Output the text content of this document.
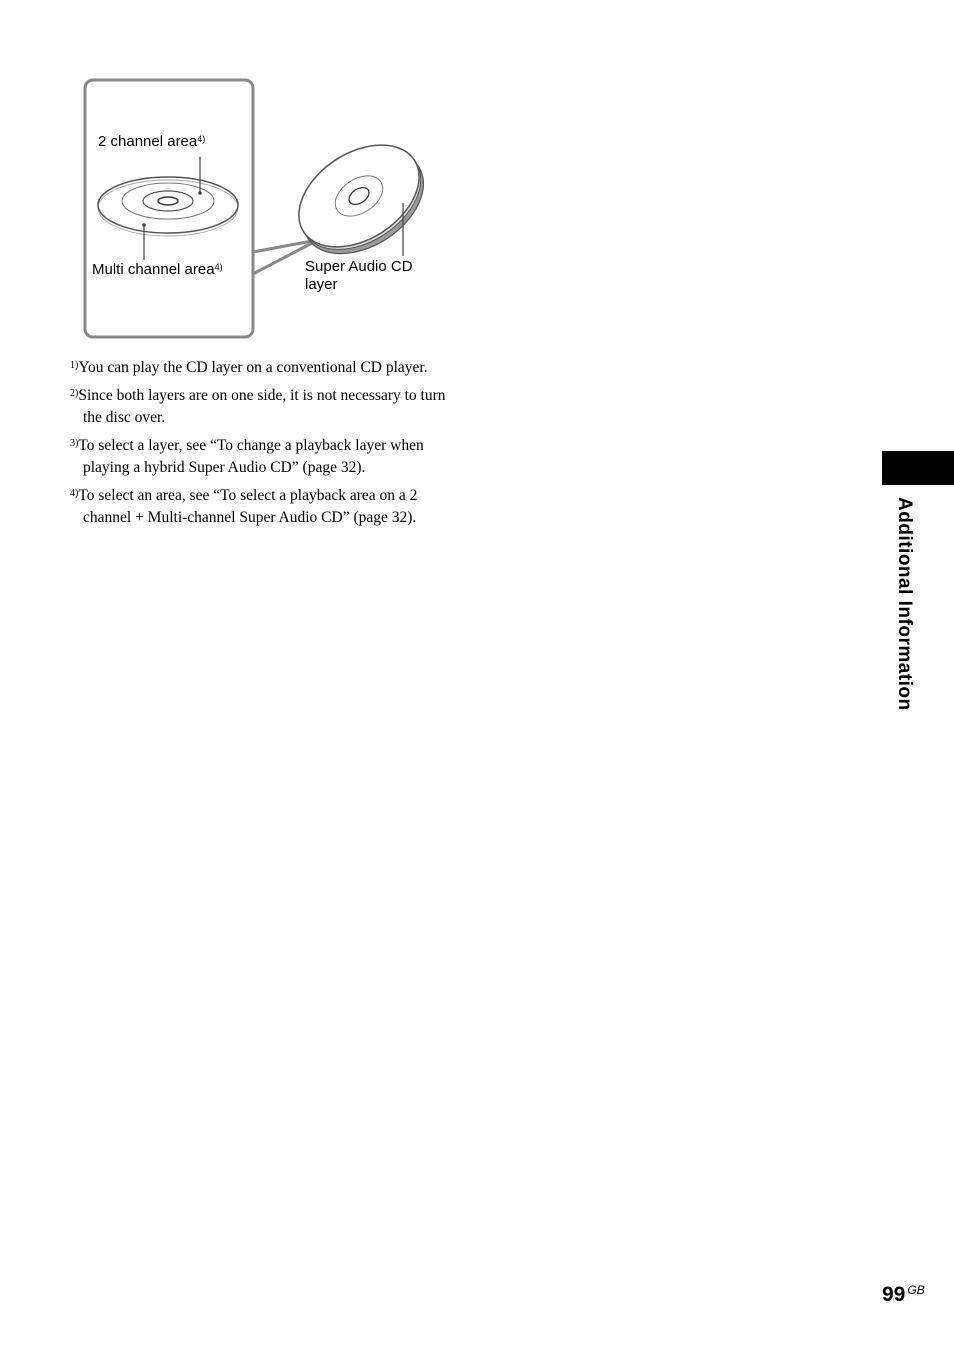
2 channel area$^{4)}$
Multi channel area$^{4)}$	Super Audio CD
layer

$^{1)}$You can play the CD layer on a conventional CD player.

$^{2)}$Since both layers are on one side, it is not necessary to turn the disc over.

$^{3)}$To select a layer, see “To change a playback layer when playing a hybrid Super Audio CD” (page 32).

$^{4)}$To select an area, see “To select a playback area on a 2 channel + Multi-channel Super Audio CD” (page 32).	Additional Information
99 $^{GB}$
